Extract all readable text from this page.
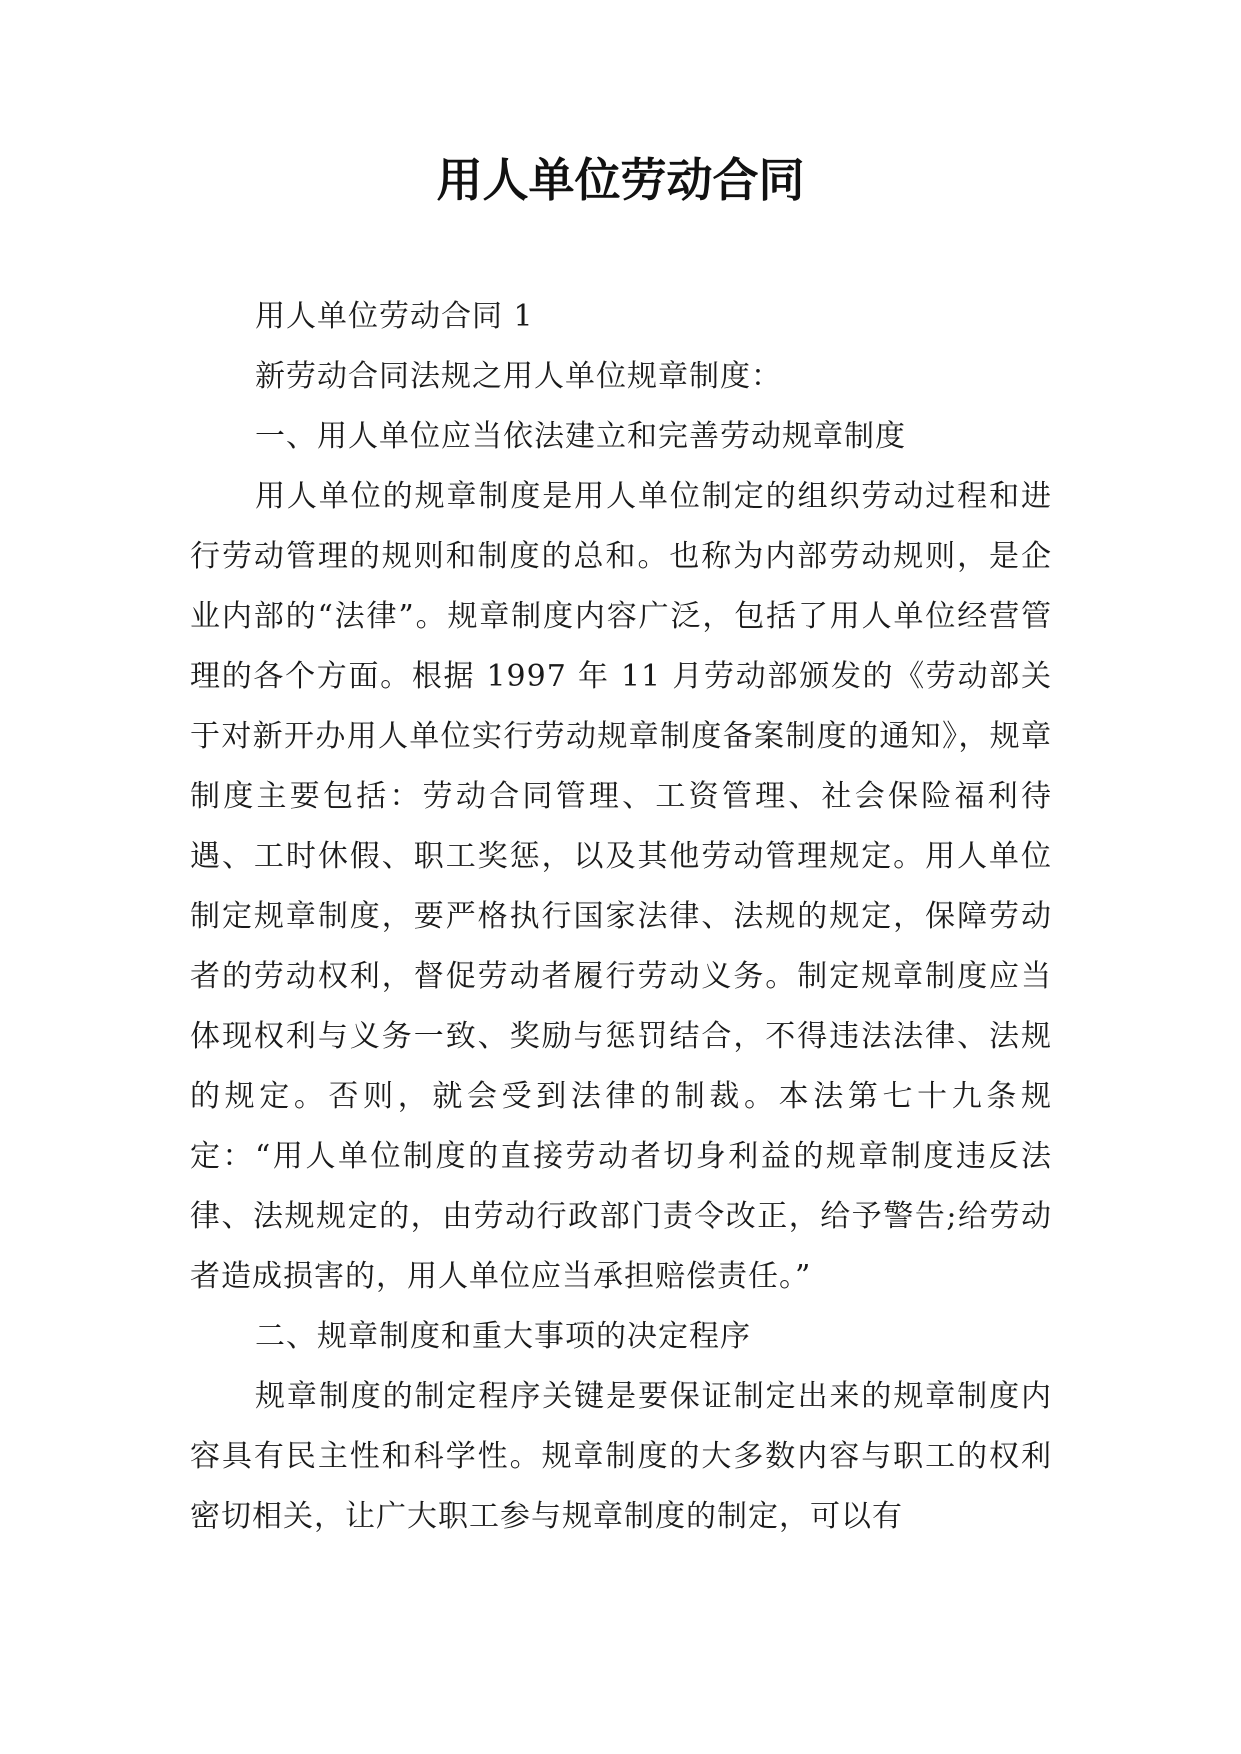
用人单位劳动合同

用人单位劳动合同 1

新劳动合同法规之用人单位规章制度：

一、用人单位应当依法建立和完善劳动规章制度

用人单位的规章制度是用人单位制定的组织劳动过程和进行劳动管理的规则和制度的总和。也称为内部劳动规则，是企业内部的“法律”。规章制度内容广泛，包括了用人单位经营管理的各个方面。根据 1997 年 11 月劳动部颁发的《劳动部关于对新开办用人单位实行劳动规章制度备案制度的通知》，规章制度主要包括：劳动合同管理、工资管理、社会保险福利待遇、工时休假、职工奖惩，以及其他劳动管理规定。用人单位制定规章制度，要严格执行国家法律、法规的规定，保障劳动者的劳动权利，督促劳动者履行劳动义务。制定规章制度应当体现权利与义务一致、奖励与惩罚结合，不得违法法律、法规的规定。否则，就会受到法律的制裁。本法第七十九条规定：“用人单位制度的直接劳动者切身利益的规章制度违反法律、法规规定的，由劳动行政部门责令改正，给予警告;给劳动者造成损害的，用人单位应当承担赔偿责任。”

二、规章制度和重大事项的决定程序

规章制度的制定程序关键是要保证制定出来的规章制度内容具有民主性和科学性。规章制度的大多数内容与职工的权利密切相关，让广大职工参与规章制度的制定，可以有
